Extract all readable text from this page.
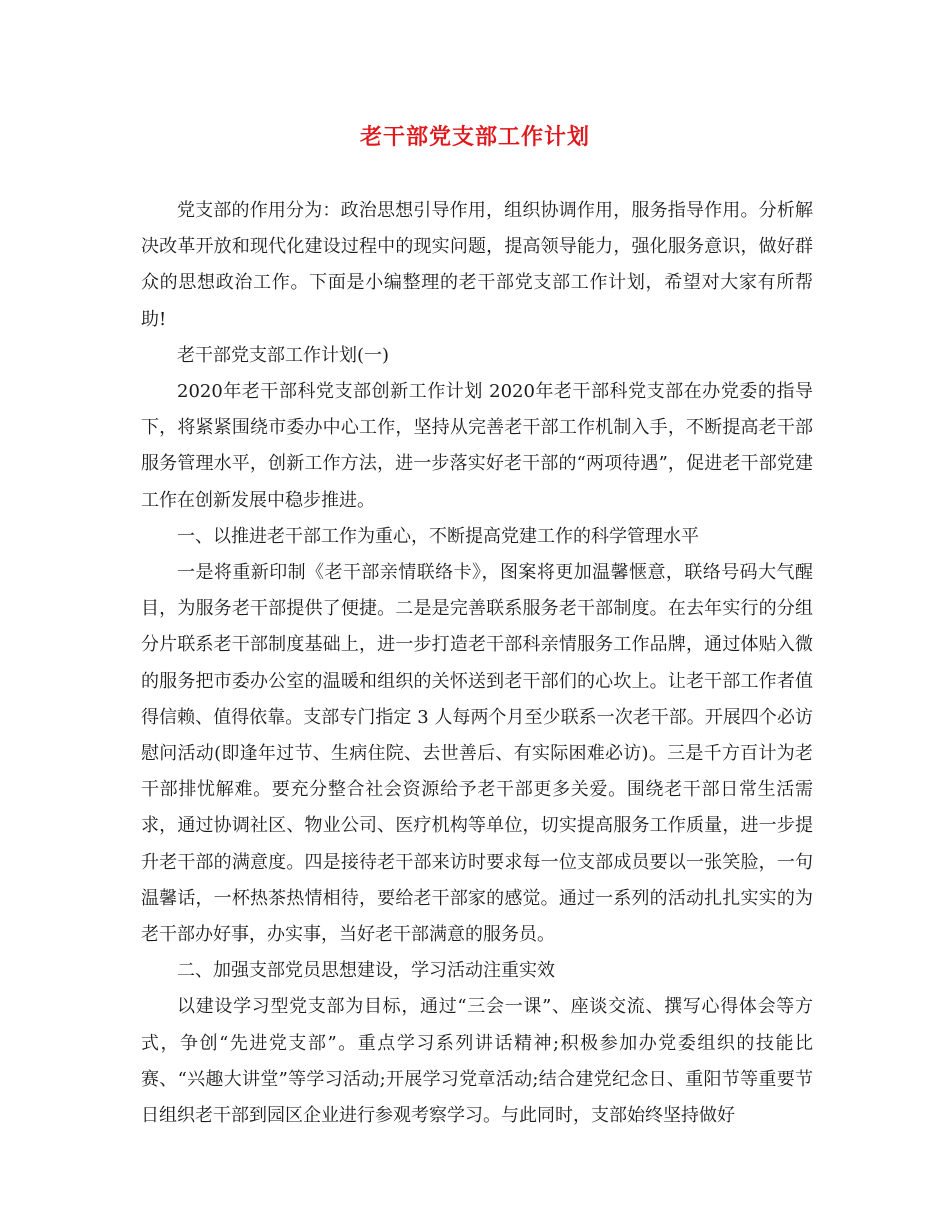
老干部党支部工作计划

党支部的作用分为：政治思想引导作用，组织协调作用，服务指导作用。分析解决改革开放和现代化建设过程中的现实问题，提高领导能力，强化服务意识，做好群众的思想政治工作。下面是小编整理的老干部党支部工作计划，希望对大家有所帮助!

老干部党支部工作计划(一)

2020年老干部科党支部创新工作计划 2020年老干部科党支部在办党委的指导下，将紧紧围绕市委办中心工作，坚持从完善老干部工作机制入手，不断提高老干部服务管理水平，创新工作方法，进一步落实好老干部的“两项待遇”，促进老干部党建工作在创新发展中稳步推进。

一、以推进老干部工作为重心，不断提高党建工作的科学管理水平

一是将重新印制《老干部亲情联络卡》，图案将更加温馨惬意，联络号码大气醒目，为服务老干部提供了便捷。二是是完善联系服务老干部制度。在去年实行的分组分片联系老干部制度基础上，进一步打造老干部科亲情服务工作品牌，通过体贴入微的服务把市委办公室的温暖和组织的关怀送到老干部们的心坎上。让老干部工作者值得信赖、值得依靠。支部专门指定 3 人每两个月至少联系一次老干部。开展四个必访慰问活动(即逢年过节、生病住院、去世善后、有实际困难必访)。三是千方百计为老干部排忧解难。要充分整合社会资源给予老干部更多关爱。围绕老干部日常生活需求，通过协调社区、物业公司、医疗机构等单位，切实提高服务工作质量，进一步提升老干部的满意度。四是接待老干部来访时要求每一位支部成员要以一张笑脸，一句温馨话，一杯热茶热情相待，要给老干部家的感觉。通过一系列的活动扎扎实实的为老干部办好事，办实事，当好老干部满意的服务员。

二、加强支部党员思想建设，学习活动注重实效

以建设学习型党支部为目标，通过“三会一课”、座谈交流、撰写心得体会等方式，争创“先进党支部”。重点学习系列讲话精神;积极参加办党委组织的技能比赛、“兴趣大讲堂”等学习活动;开展学习党章活动;结合建党纪念日、重阳节等重要节日组织老干部到园区企业进行参观考察学习。与此同时，支部始终坚持做好
